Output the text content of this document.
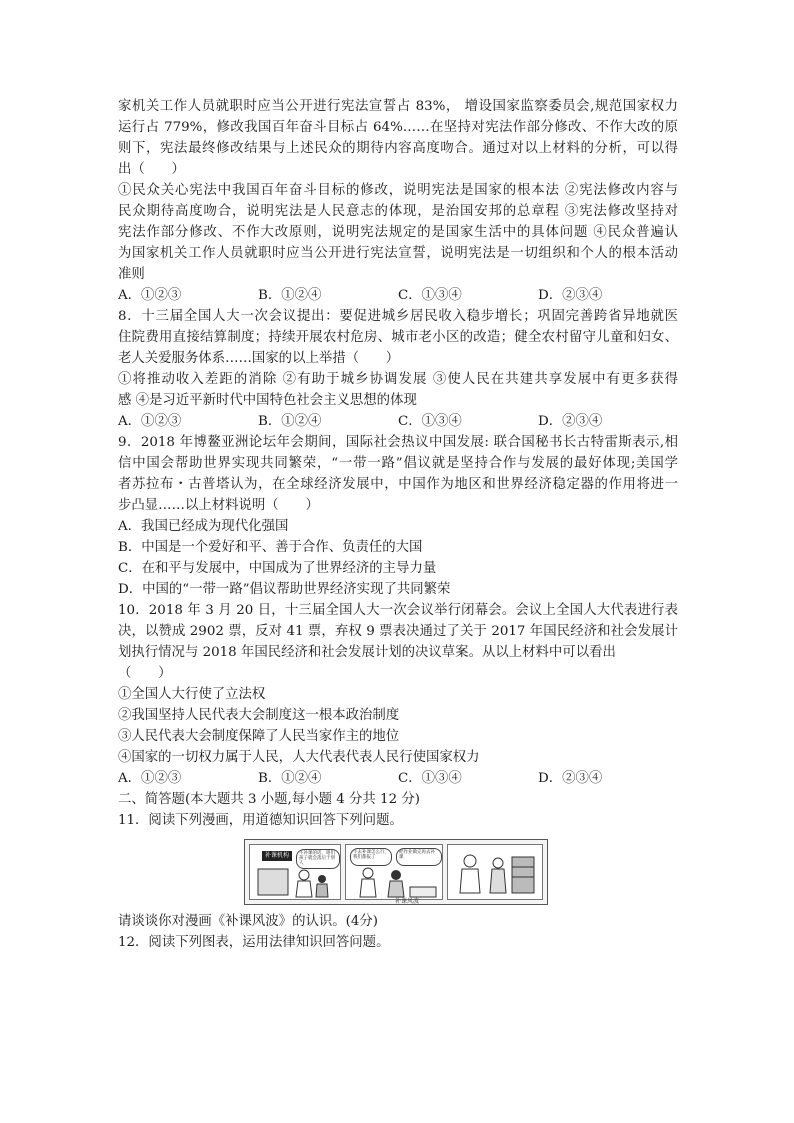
家机关工作人员就职时应当公开进行宪法宣誓占 83%， 增设国家监察委员会,规范国家权力
运行占 779%，修改我国百年奋斗目标占 64%……在坚持对宪法作部分修改、不作大改的原
则下，宪法最终修改结果与上述民众的期待内容高度吻合。通过对以上材料的分析，可以得
出（　　）
①民众关心宪法中我国百年奋斗目标的修改，说明宪法是国家的根本法 ②宪法修改内容与
民众期待高度吻合，说明宪法是人民意志的体现，是治国安邦的总章程 ③宪法修改坚持对
宪法作部分修改、不作大改原则，说明宪法规定的是国家生活中的具体问题 ④民众普遍认
为国家机关工作人员就职时应当公开进行宪法宣誓，说明宪法是一切组织和个人的根本活动
准则
A．①②③	B．①②④	C．①③④	D．②③④
8．十三届全国人大一次会议提出：要促进城乡居民收入稳步增长；巩固完善跨省异地就医
住院费用直接结算制度；持续开展农村危房、城市老小区的改造；健全农村留守儿童和妇女、
老人关爱服务体系……国家的以上举措（　　）
①将推动收入差距的消除 ②有助于城乡协调发展 ③使人民在共建共享发展中有更多获得
感 ④是习近平新时代中国特色社会主义思想的体现
A．①②③	B．①②④	C．①③④	D．②③④
9．2018 年博鳌亚洲论坛年会期间，国际社会热议中国发展: 联合国秘书长古特雷斯表示,相
信中国会帮助世界实现共同繁荣，“一带一路”倡议就是坚持合作与发展的最好体现;美国学
者苏拉布・古普塔认为，在全球经济发展中，中国作为地区和世界经济稳定器的作用将进一
步凸显……以上材料说明（　　）
A．我国已经成为现代化强国
B．中国是一个爱好和平、善于合作、负责任的大国
C．在和平与发展中，中国成为了世界经济的主导力量
D．中国的“一带一路”倡议帮助世界经济实现了共同繁荣
10．2018 年 3 月 20 日，十三届全国人大一次会议举行闭幕会。会议上全国人大代表进行表
决，以赞成 2902 票，反对 41 票，弃权 9 票表决通过了关于 2017 年国民经济和社会发展计
划执行情况与 2018 年国民经济和社会发展计划的决议草案。从以上材料中可以看出
（　　）
①全国人大行使了立法权
②我国坚持人民代表大会制度这一根本政治制度
③人民代表大会制度保障了人民当家作主的地位
④国家的一切权力属于人民，人大代表代表人民行使国家权力
A．①②③	B．①②④	C．①③④	D．②③④
二、简答题(本大题共 3 小题,每小题 4 分共 12 分)
11．阅读下列漫画，用道德知识回答下列问题。
补课机构	不补课的话，咱们孩子就会落后于别人
不去补课怎么行，我们都报了
把作业做完再去补课
补课风波
请谈谈你对漫画《补课风波》的认识。(4分)
12．阅读下列图表，运用法律知识回答问题。
